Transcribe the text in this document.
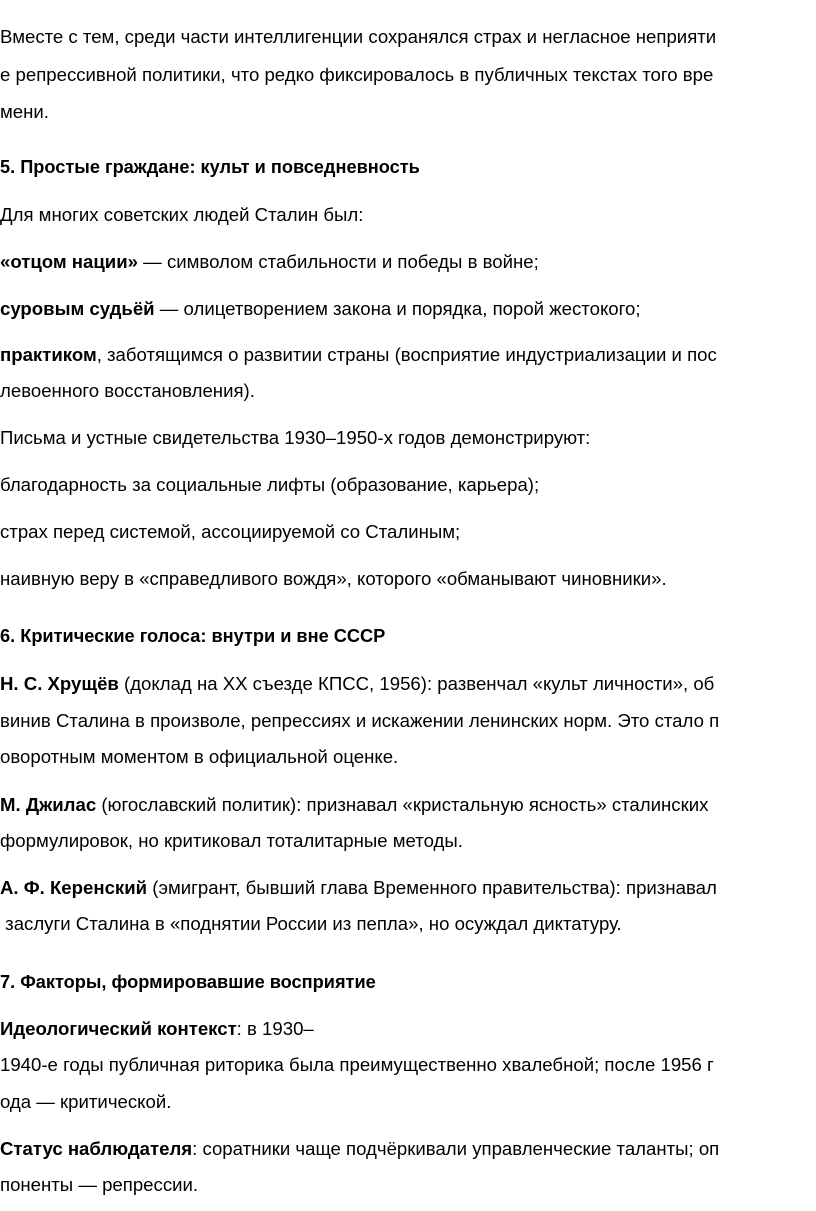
Вместе с тем, среди части интеллигенции сохранялся страх и негласное неприяти
е репрессивной политики, что редко фиксировалось в публичных текстах того вре
мени.
5. Простые граждане: культ и повседневность
Для многих советских людей Сталин был:
«отцом нации» — символом стабильности и победы в войне;
суровым судьёй — олицетворением закона и порядка, порой жестокого;
практиком, заботящимся о развитии страны (восприятие индустриализации и пос
левоенного восстановления).
Письма и устные свидетельства 1930–1950-х годов демонстрируют:
благодарность за социальные лифты (образование, карьера);
страх перед системой, ассоциируемой со Сталиным;
наивную веру в «справедливого вождя», которого «обманывают чиновники».
6. Критические голоса: внутри и вне СССР
Н. С. Хрущёв (доклад на XX съезде КПСС, 1956): развенчал «культ личности», об
винив Сталина в произволе, репрессиях и искажении ленинских норм. Это стало п
оворотным моментом в официальной оценке.
М. Джилас (югославский политик): признавал «кристальную ясность» сталинских
формулировок, но критиковал тоталитарные методы.
А. Ф. Керенский (эмигрант, бывший глава Временного правительства): признавал
заслуги Сталина в «поднятии России из пепла», но осуждал диктатуру.
7. Факторы, формировавшие восприятие
Идеологический контекст: в 1930–
1940-е годы публичная риторика была преимущественно хвалебной; после 1956 г
ода — критической.
Статус наблюдателя: соратники чаще подчёркивали управленческие таланты; оп
поненты — репрессии.
